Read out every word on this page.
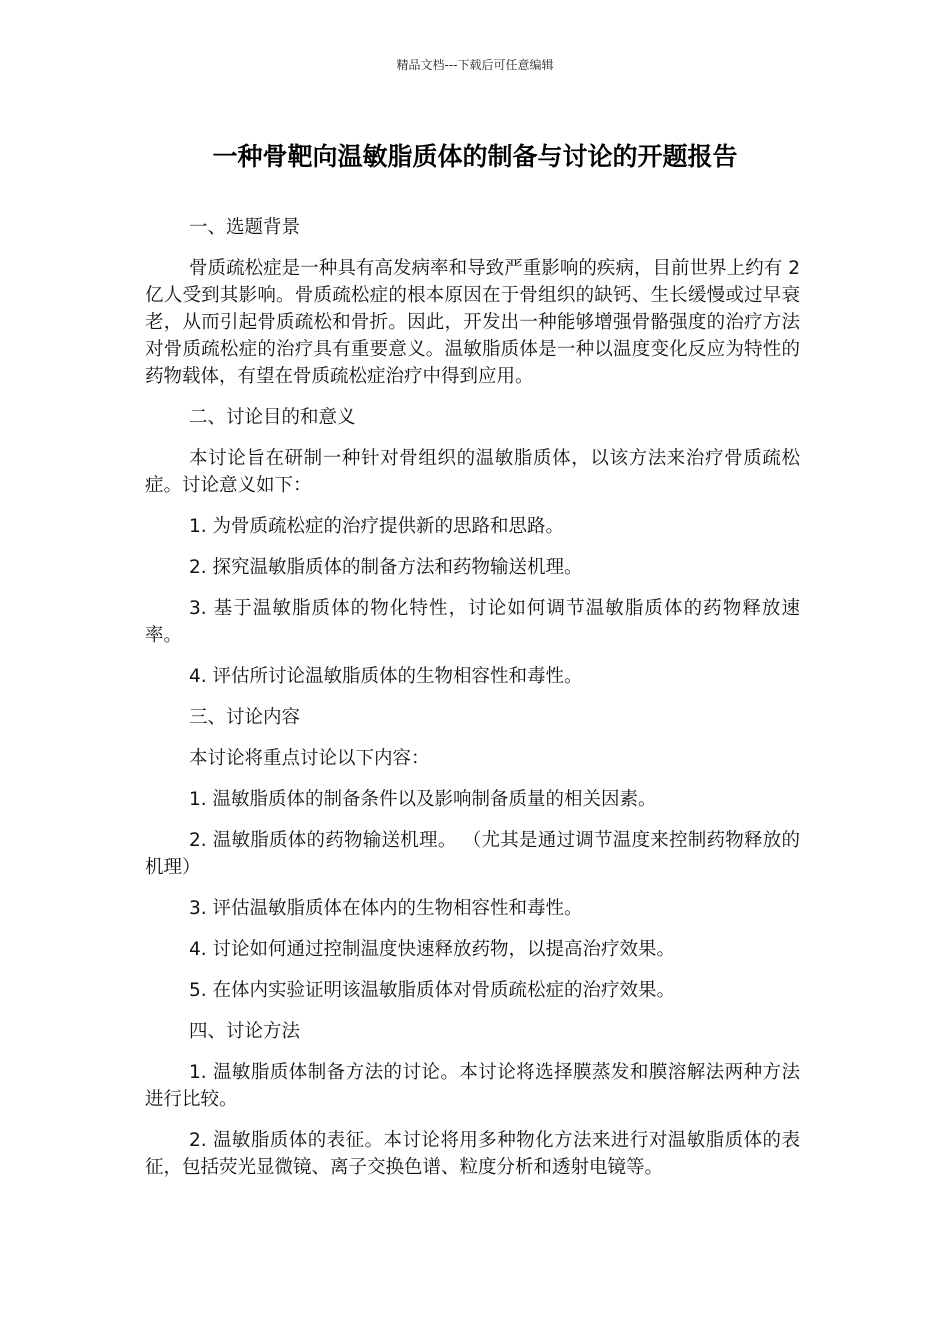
精品文档---下载后可任意编辑
一种骨靶向温敏脂质体的制备与讨论的开题报告

一、选题背景

骨质疏松症是一种具有高发病率和导致严重影响的疾病，目前世界上约有 2 亿人受到其影响。骨质疏松症的根本原因在于骨组织的缺钙、生长缓慢或过早衰老，从而引起骨质疏松和骨折。因此，开发出一种能够增强骨骼强度的治疗方法对骨质疏松症的治疗具有重要意义。温敏脂质体是一种以温度变化反应为特性的药物载体，有望在骨质疏松症治疗中得到应用。

二、讨论目的和意义

本讨论旨在研制一种针对骨组织的温敏脂质体，以该方法来治疗骨质疏松症。讨论意义如下：

1. 为骨质疏松症的治疗提供新的思路和思路。

2. 探究温敏脂质体的制备方法和药物输送机理。

3. 基于温敏脂质体的物化特性，讨论如何调节温敏脂质体的药物释放速率。

4. 评估所讨论温敏脂质体的生物相容性和毒性。

三、讨论内容

本讨论将重点讨论以下内容：

1. 温敏脂质体的制备条件以及影响制备质量的相关因素。

2. 温敏脂质体的药物输送机理。 （尤其是通过调节温度来控制药物释放的机理）

3. 评估温敏脂质体在体内的生物相容性和毒性。

4. 讨论如何通过控制温度快速释放药物，以提高治疗效果。

5. 在体内实验证明该温敏脂质体对骨质疏松症的治疗效果。

四、讨论方法

1. 温敏脂质体制备方法的讨论。本讨论将选择膜蒸发和膜溶解法两种方法进行比较。

2. 温敏脂质体的表征。本讨论将用多种物化方法来进行对温敏脂质体的表征，包括荧光显微镜、离子交换色谱、粒度分析和透射电镜等。
